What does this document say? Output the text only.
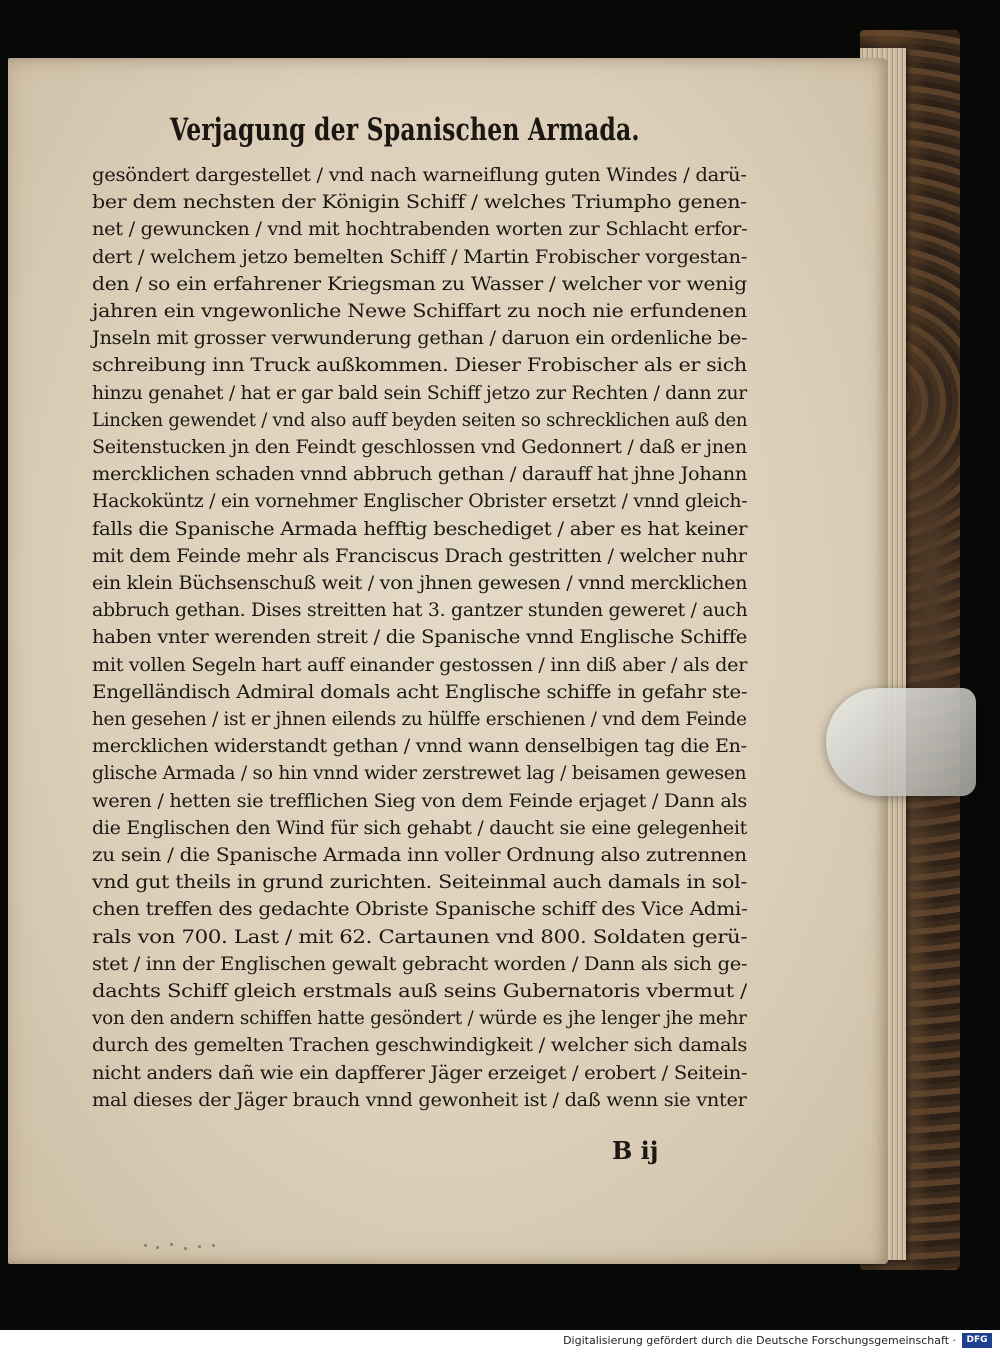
Verjagung der Spanischen Armada.
gesöndert dargestellet / vnd nach warneiflung guten Windes / darü-
ber dem nechsten der Königin Schiff / welches Triumpho genen-
net / gewuncken / vnd mit hochtrabenden worten zur Schlacht erfor-
dert / welchem jetzo bemelten Schiff / Martin Frobischer vorgestan-
den / so ein erfahrener Kriegsman zu Wasser / welcher vor wenig
jahren ein vngewonliche Newe Schiffart zu noch nie erfundenen
Jnseln mit grosser verwunderung gethan / daruon ein ordenliche be-
schreibung inn Truck außkommen. Dieser Frobischer als er sich
hinzu genahet / hat er gar bald sein Schiff jetzo zur Rechten / dann zur
Lincken gewendet / vnd also auff beyden seiten so schrecklichen auß den
Seitenstucken jn den Feindt geschlossen vnd Gedonnert / daß er jnen
mercklichen schaden vnnd abbruch gethan / darauff hat jhne Johann
Hackoküntz / ein vornehmer Englischer Obrister ersetzt / vnnd gleich-
falls die Spanische Armada hefftig beschediget / aber es hat keiner
mit dem Feinde mehr als Franciscus Drach gestritten / welcher nuhr
ein klein Büchsenschuß weit / von jhnen gewesen / vnnd mercklichen
abbruch gethan. Dises streitten hat 3. gantzer stunden geweret / auch
haben vnter werenden streit / die Spanische vnnd Englische Schiffe
mit vollen Segeln hart auff einander gestossen / inn diß aber / als der
Engelländisch Admiral domals acht Englische schiffe in gefahr ste-
hen gesehen / ist er jhnen eilends zu hülffe erschienen / vnd dem Feinde
mercklichen widerstandt gethan / vnnd wann denselbigen tag die En-
glische Armada / so hin vnnd wider zerstrewet lag / beisamen gewesen
weren / hetten sie trefflichen Sieg von dem Feinde erjaget / Dann als
die Englischen den Wind für sich gehabt / daucht sie eine gelegenheit
zu sein / die Spanische Armada inn voller Ordnung also zutrennen
vnd gut theils in grund zurichten. Seiteinmal auch damals in sol-
chen treffen des gedachte Obriste Spanische schiff des Vice Admi-
rals von 700. Last / mit 62. Cartaunen vnd 800. Soldaten gerü-
stet / inn der Englischen gewalt gebracht worden / Dann als sich ge-
dachts Schiff gleich erstmals auß seins Gubernatoris vbermut /
von den andern schiffen hatte gesöndert / würde es jhe lenger jhe mehr
durch des gemelten Trachen geschwindigkeit / welcher sich damals
nicht anders dañ wie ein dapfferer Jäger erzeiget / erobert / Seitein-
mal dieses der Jäger brauch vnnd gewonheit ist / daß wenn sie vnter
B ij
Digitalisierung gefördert durch die Deutsche Forschungsgemeinschaft ·	DFG
